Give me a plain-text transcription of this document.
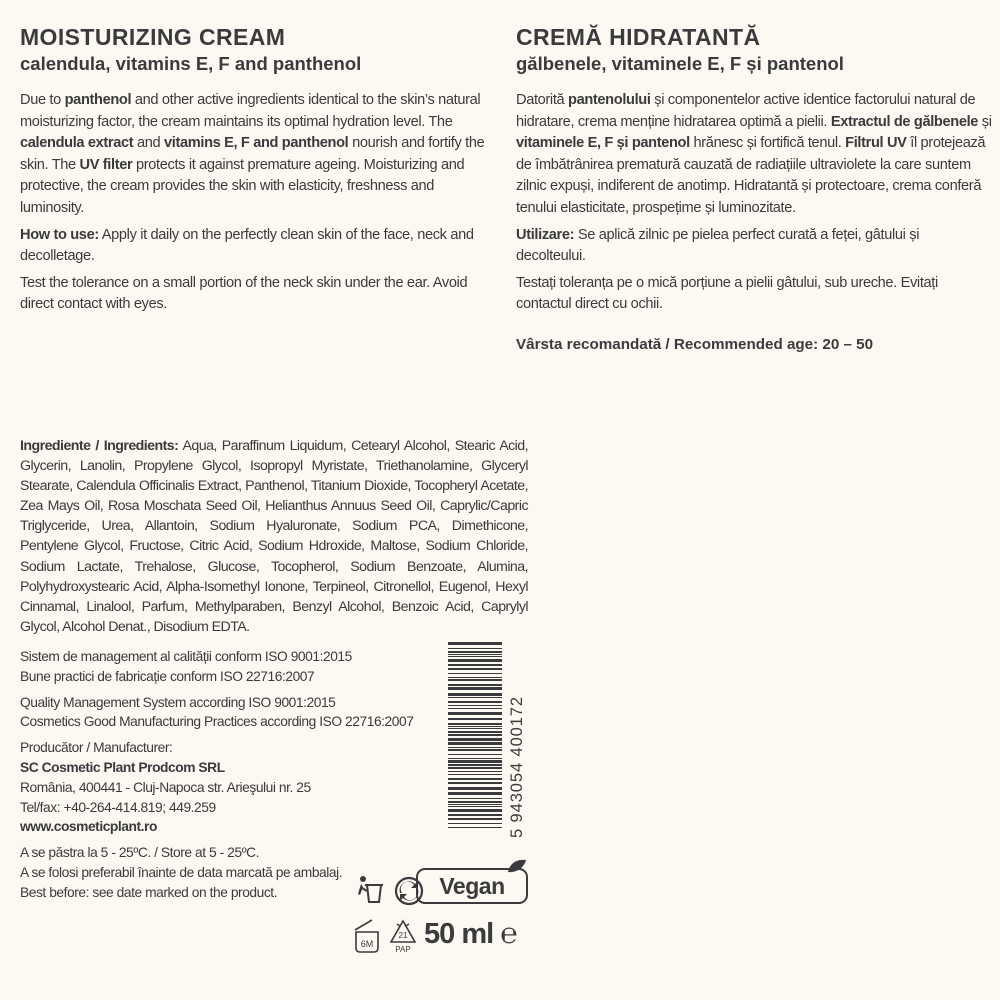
MOISTURIZING CREAM
calendula, vitamins E, F and panthenol

Due to panthenol and other active ingredients identical to the skin’s natural moisturizing factor, the cream maintains its optimal hydration level. The calendula extract and vitamins E, F and panthenol nourish and fortify the skin. The UV filter protects it against premature ageing. Moisturizing and protective, the cream provides the skin with elasticity, freshness and luminosity.

How to use: Apply it daily on the perfectly clean skin of the face, neck and decolletage.

Test the tolerance on a small portion of the neck skin under the ear. Avoid direct contact with eyes.

CREMĂ HIDRATANTĂ
gălbenele, vitaminele E, F și pantenol

Datorită pantenolului și componentelor active identice factorului natural de hidratare, crema menține hidratarea optimă a pielii. Extractul de gălbenele și vitaminele E, F și pantenol hrănesc și fortifică tenul. Filtrul UV îl protejează de îmbătrânirea prematură cauzată de radiațiile ultraviolete la care suntem zilnic expuși, indiferent de anotimp. Hidratantă și protectoare, crema conferă tenului elasticitate, prospețime și luminozitate.

Utilizare: Se aplică zilnic pe pielea perfect curată a feței, gâtului și decolteului.

Testați toleranța pe o mică porțiune a pielii gâtului, sub ureche. Evitați contactul direct cu ochii.

Vârsta recomandată / Recommended age: 20 – 50
Ingrediente / Ingredients: Aqua, Paraffinum Liquidum, Cetearyl Alcohol, Stearic Acid, Glycerin, Lanolin, Propylene Glycol, Isopropyl Myristate, Triethanolamine, Glyceryl Stearate, Calendula Officinalis Extract, Panthenol, Titanium Dioxide, Tocopheryl Acetate, Zea Mays Oil, Rosa Moschata Seed Oil, Helianthus Annuus Seed Oil, Caprylic/Capric Triglyceride, Urea, Allantoin, Sodium Hyaluronate, Sodium PCA, Dimethicone, Pentylene Glycol, Fructose, Citric Acid, Sodium Hdroxide, Maltose, Sodium Chloride, Sodium Lactate, Trehalose, Glucose, Tocopherol, Sodium Benzoate, Alumina, Polyhydroxystearic Acid, Alpha-Isomethyl Ionone, Terpineol, Citronellol, Eugenol, Hexyl Cinnamal, Linalool, Parfum, Methylparaben, Benzyl Alcohol, Benzoic Acid, Caprylyl Glycol, Alcohol Denat., Disodium EDTA.

Sistem de management al calității conform ISO 9001:2015
Bune practici de fabricație conform ISO 22716:2007

Quality Management System according ISO 9001:2015
Cosmetics Good Manufacturing Practices according ISO 22716:2007

Producător / Manufacturer:
SC Cosmetic Plant Prodcom SRL
România, 400441 - Cluj-Napoca str. Arieşului nr. 25
Tel/fax: +40-264-414.819; 449.259
www.cosmeticplant.ro

A se păstra la 5 - 25ºC. / Store at 5 - 25ºC.
A se folosi preferabil înainte de data marcată pe ambalaj.
Best before: see date marked on the product.

5 943054 400172
Vegan
6M
21
PAP 50 ml ℮
